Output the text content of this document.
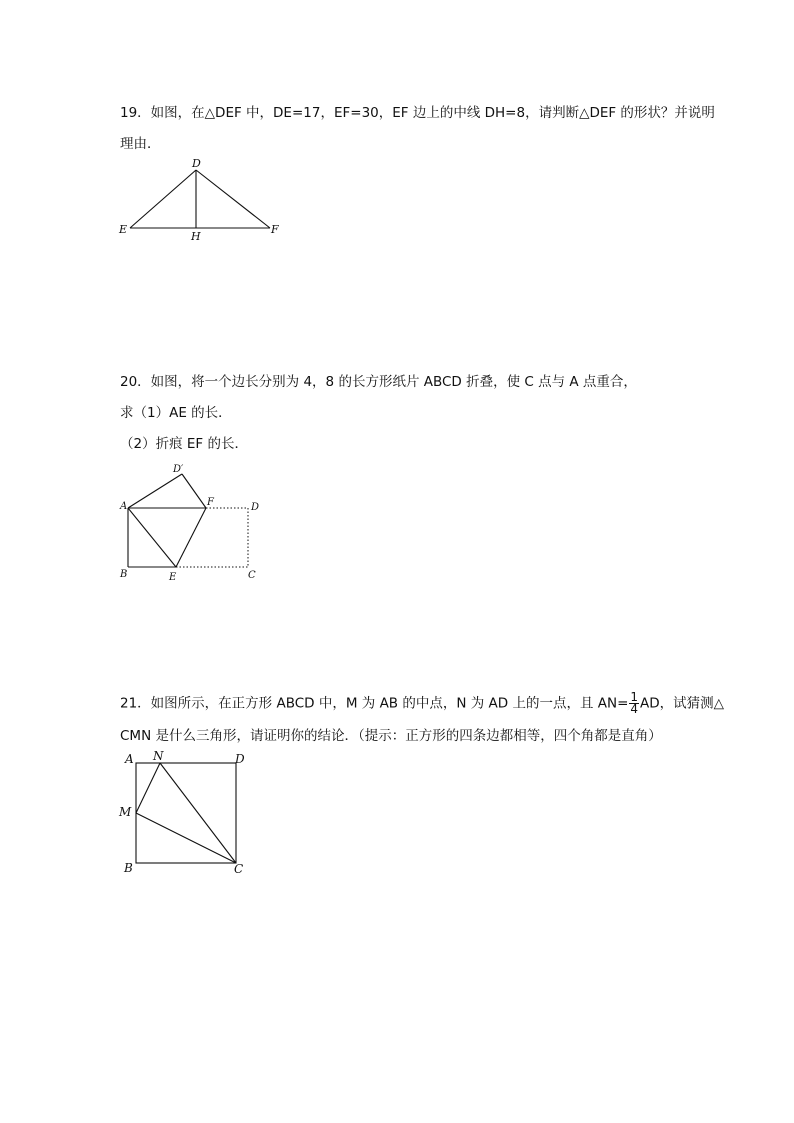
19．如图，在△DEF 中，DE=17，EF=30，EF 边上的中线 DH=8，请判断△DEF 的形状？并说明
理由．
D
E	F
H
20．如图，将一个边长分别为 4，8 的长方形纸片 ABCD 折叠，使 C 点与 A 点重合，
求（1）AE 的长．
（2）折痕 EF 的长．
D′
A	F	D
B	E	C
21．如图所示，在正方形 ABCD 中，M 为 AB 的中点，N 为 AD 上的一点，且 $AN= \frac{1}{4}$ AD，试猜测△
CMN 是什么三角形，请证明你的结论．（提示：正方形的四条边都相等，四个角都是直角）
A N	D
M
B	C
